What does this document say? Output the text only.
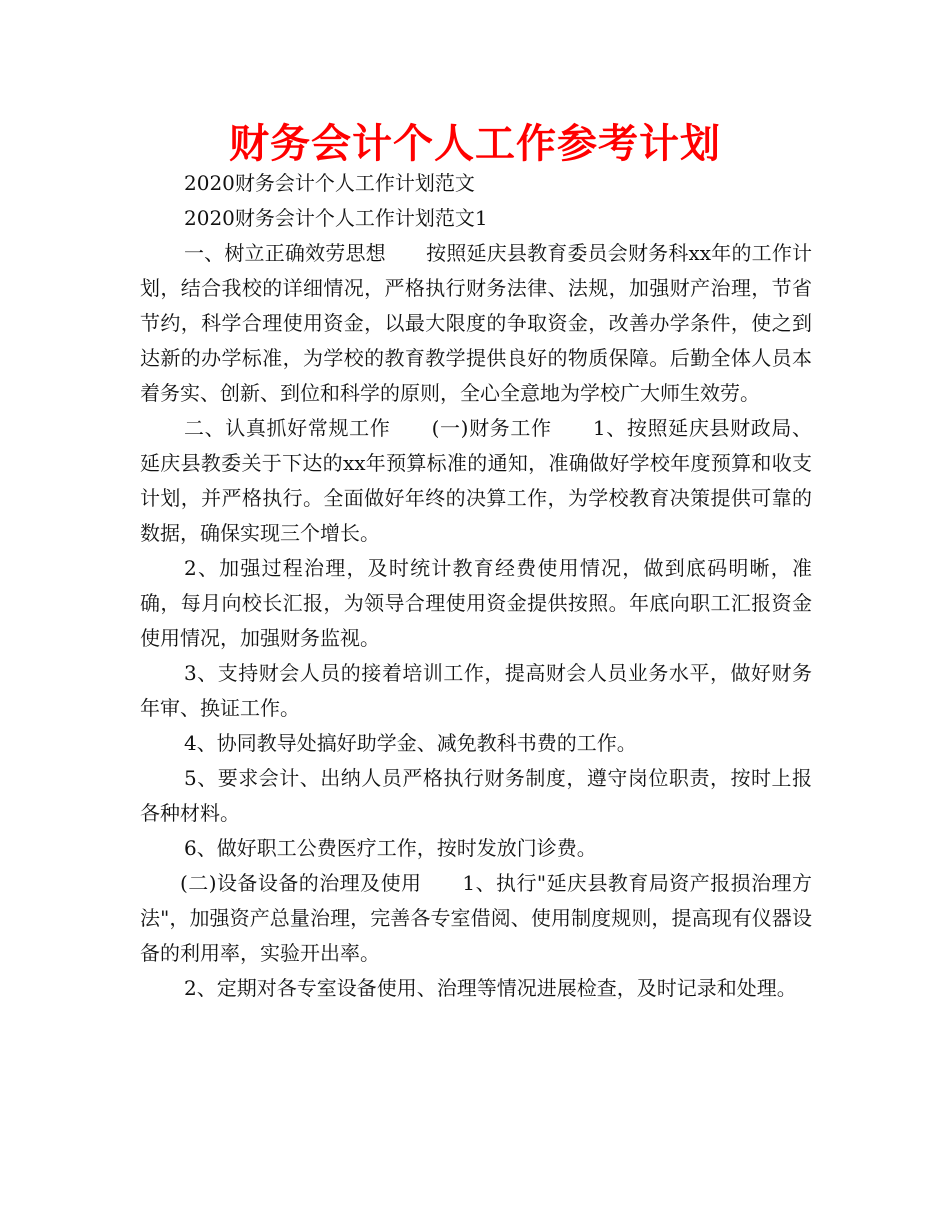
财务会计个人工作参考计划

2020财务会计个人工作计划范文

2020财务会计个人工作计划范文1

一、树立正确效劳思想　　按照延庆县教育委员会财务科xx年的工作计划，结合我校的详细情况，严格执行财务法律、法规，加强财产治理，节省节约，科学合理使用资金，以最大限度的争取资金，改善办学条件，使之到达新的办学标准，为学校的教育教学提供良好的物质保障。后勤全体人员本着务实、创新、到位和科学的原则，全心全意地为学校广大师生效劳。

二、认真抓好常规工作　　(一)财务工作　　1、按照延庆县财政局、延庆县教委关于下达的xx年预算标准的通知，准确做好学校年度预算和收支计划，并严格执行。全面做好年终的决算工作，为学校教育决策提供可靠的数据，确保实现三个增长。

2、加强过程治理，及时统计教育经费使用情况，做到底码明晰，准确，每月向校长汇报，为领导合理使用资金提供按照。年底向职工汇报资金使用情况，加强财务监视。

3、支持财会人员的接着培训工作，提高财会人员业务水平，做好财务年审、换证工作。

4、协同教导处搞好助学金、减免教科书费的工作。

5、要求会计、出纳人员严格执行财务制度，遵守岗位职责，按时上报各种材料。

6、做好职工公费医疗工作，按时发放门诊费。

(二)设备设备的治理及使用　　1、执行"延庆县教育局资产报损治理方法"，加强资产总量治理，完善各专室借阅、使用制度规则，提高现有仪器设备的利用率，实验开出率。

2、定期对各专室设备使用、治理等情况进展检查，及时记录和处理。
